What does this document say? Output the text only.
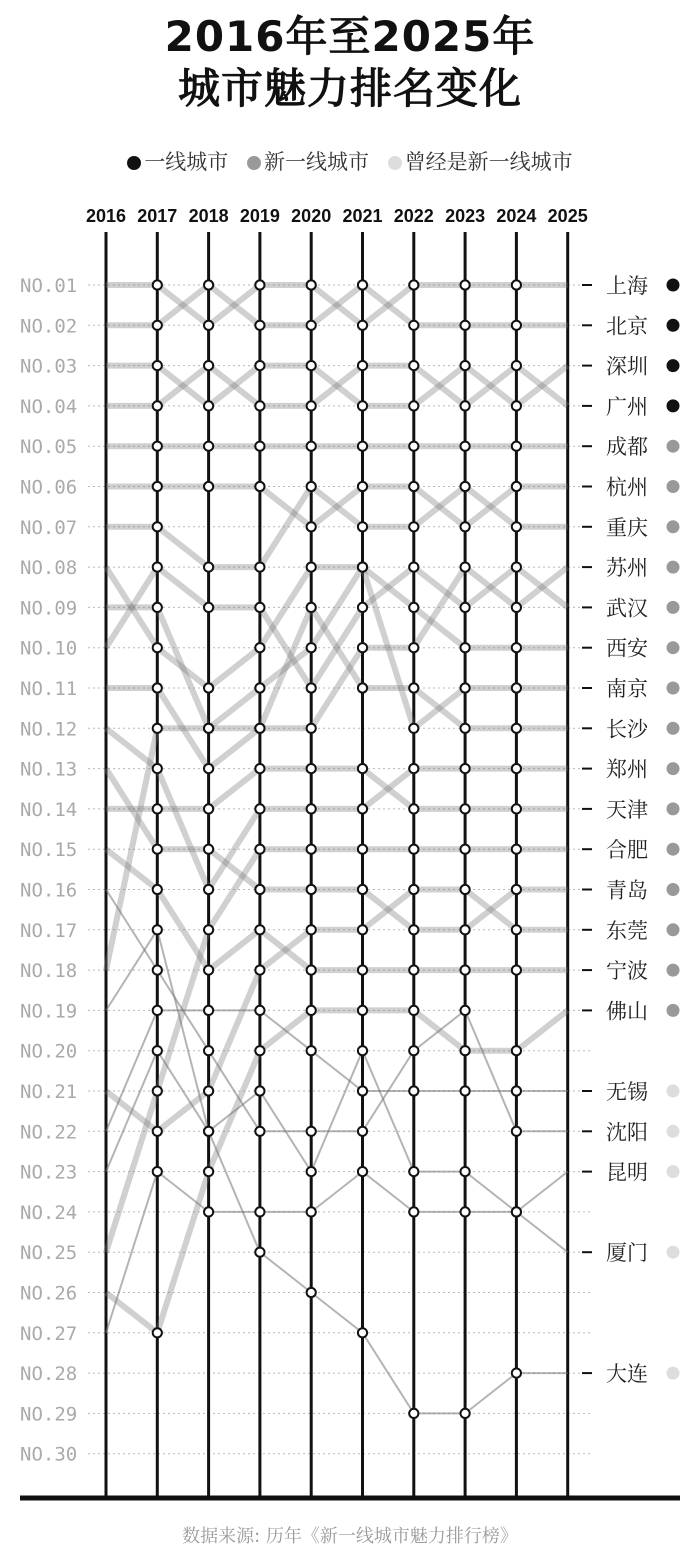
2016年至2025年
城市魅力排名变化
一线城市 新一线城市 曾经是新一线城市
NO.01
NO.02
NO.03
NO.04
NO.05
NO.06
NO.07
NO.08
NO.09
NO.10
NO.11
NO.12
NO.13
NO.14
NO.15
NO.16
NO.17
NO.18
NO.19
NO.20
NO.21
NO.22
NO.23
NO.24
NO.25
NO.26
NO.27
NO.28
NO.29
NO.30
2016 2017 2018 2019 2020 2021 2022 2023 2024 2025
上海
北京
深圳
广州
成都
杭州
重庆
武汉
苏州
西安
南京
长沙
郑州
天津
合肥
青岛
东莞
宁波
佛山
无锡
沈阳
昆明
厦门
大连
数据来源: 历年《新一线城市魅力排行榜》
